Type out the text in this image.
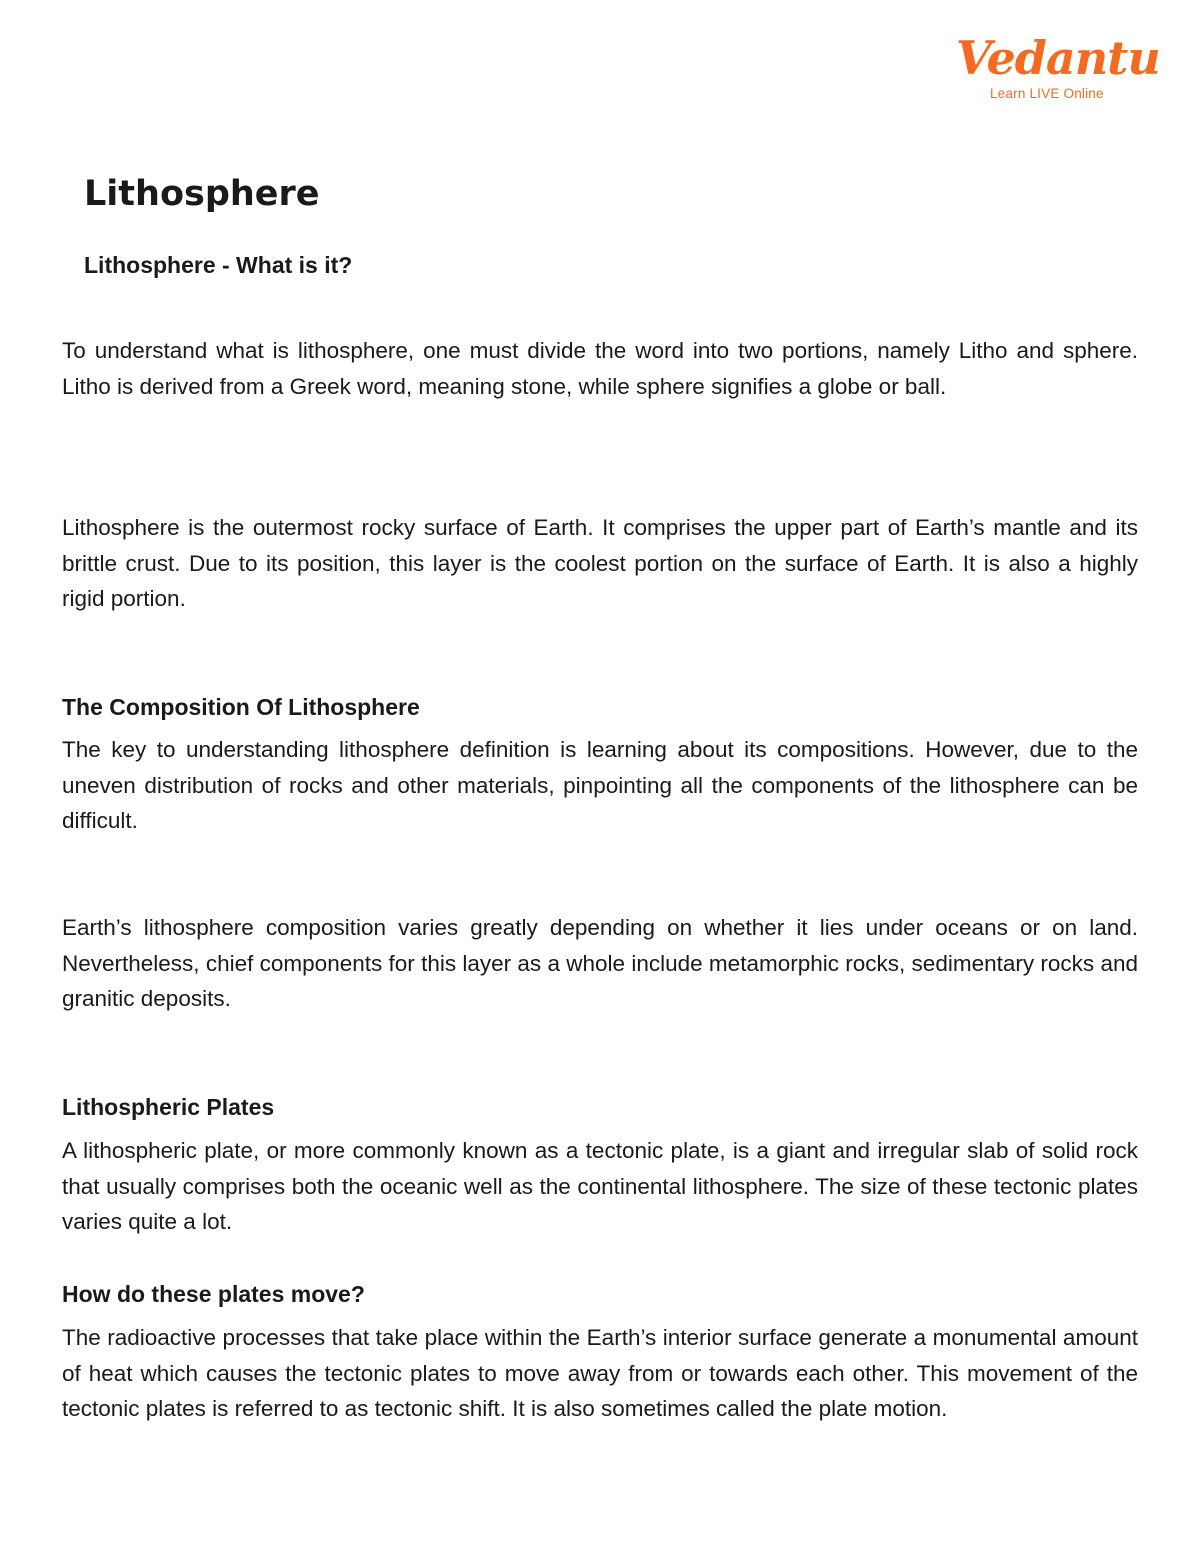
Vedantu
Learn LIVE Online
Lithosphere
Lithosphere - What is it?

To understand what is lithosphere, one must divide the word into two portions, namely Litho and sphere. Litho is derived from a Greek word, meaning stone, while sphere signifies a globe or ball.

Lithosphere is the outermost rocky surface of Earth. It comprises the upper part of Earth’s mantle and its brittle crust. Due to its position, this layer is the coolest portion on the surface of Earth. It is also a highly rigid portion.

The Composition Of Lithosphere

The key to understanding lithosphere definition is learning about its compositions. However, due to the uneven distribution of rocks and other materials, pinpointing all the components of the lithosphere can be difficult.

Earth’s lithosphere composition varies greatly depending on whether it lies under oceans or on land. Nevertheless, chief components for this layer as a whole include metamorphic rocks, sedimentary rocks and granitic deposits.

Lithospheric Plates

A lithospheric plate, or more commonly known as a tectonic plate, is a giant and irregular slab of solid rock that usually comprises both the oceanic well as the continental lithosphere. The size of these tectonic plates varies quite a lot.

How do these plates move?

The radioactive processes that take place within the Earth’s interior surface generate a monumental amount of heat which causes the tectonic plates to move away from or towards each other. This movement of the tectonic plates is referred to as tectonic shift. It is also sometimes called the plate motion.
